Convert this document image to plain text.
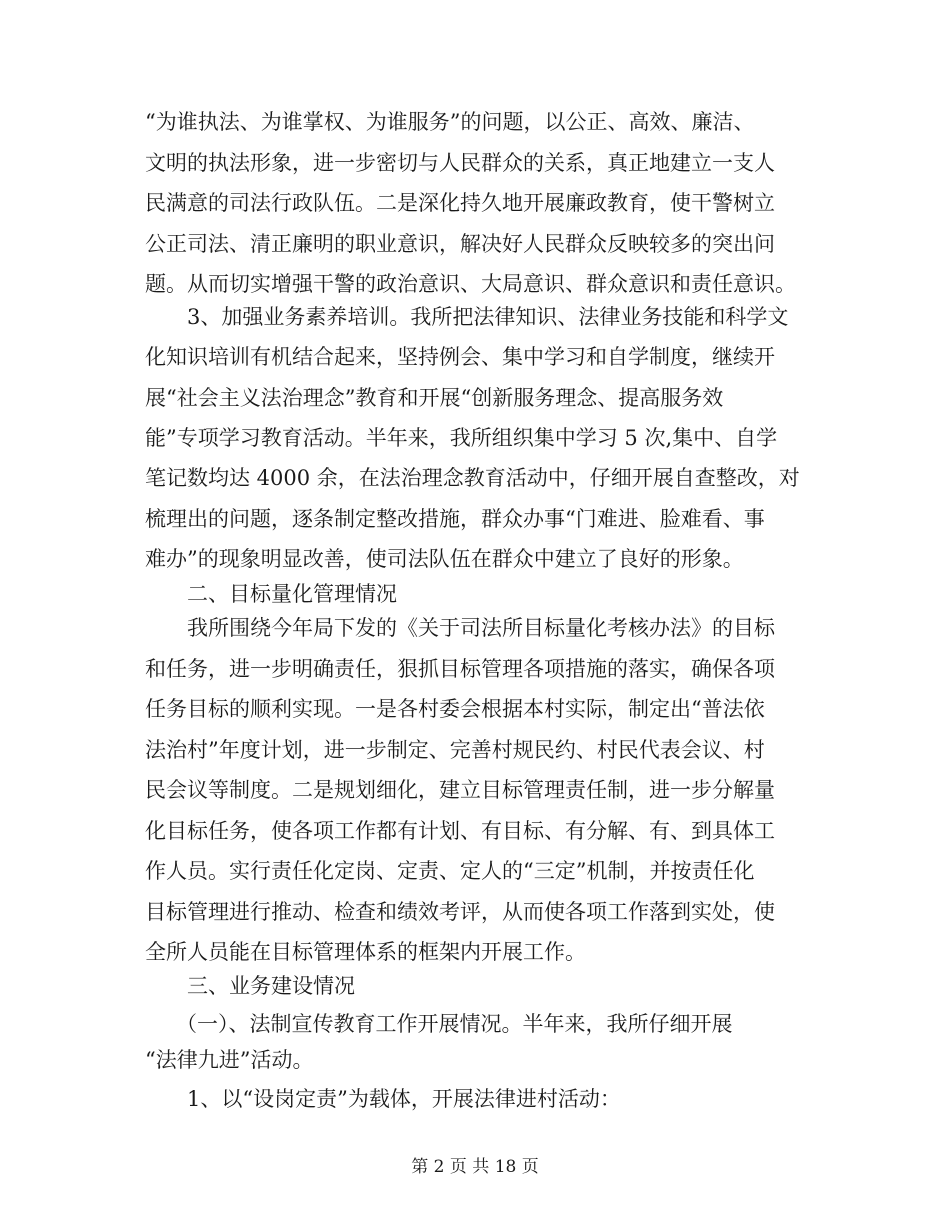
“为谁执法、为谁掌权、为谁服务”的问题，以公正、高效、廉洁、
文明的执法形象，进一步密切与人民群众的关系，真正地建立一支人
民满意的司法行政队伍。二是深化持久地开展廉政教育，使干警树立
公正司法、清正廉明的职业意识，解决好人民群众反映较多的突出问
题。从而切实增强干警的政治意识、大局意识、群众意识和责任意识。
3、加强业务素养培训。我所把法律知识、法律业务技能和科学文
化知识培训有机结合起来，坚持例会、集中学习和自学制度，继续开
展“社会主义法治理念”教育和开展“创新服务理念、提高服务效
能”专项学习教育活动。半年来，我所组织集中学习 5 次,集中、自学
笔记数均达 4000 余，在法治理念教育活动中，仔细开展自查整改，对
梳理出的问题，逐条制定整改措施，群众办事“门难进、脸难看、事
难办”的现象明显改善，使司法队伍在群众中建立了良好的形象。
二、目标量化管理情况
我所围绕今年局下发的《关于司法所目标量化考核办法》的目标
和任务，进一步明确责任，狠抓目标管理各项措施的落实，确保各项
任务目标的顺利实现。一是各村委会根据本村实际，制定出“普法依
法治村”年度计划，进一步制定、完善村规民约、村民代表会议、村
民会议等制度。二是规划细化，建立目标管理责任制，进一步分解量
化目标任务，使各项工作都有计划、有目标、有分解、有、到具体工
作人员。实行责任化定岗、定责、定人的“三定”机制，并按责任化
目标管理进行推动、检查和绩效考评，从而使各项工作落到实处，使
全所人员能在目标管理体系的框架内开展工作。
三、业务建设情况
（一）、法制宣传教育工作开展情况。半年来，我所仔细开展
“法律九进”活动。
1、以“设岗定责”为载体，开展法律进村活动：
第 2 页 共 18 页
